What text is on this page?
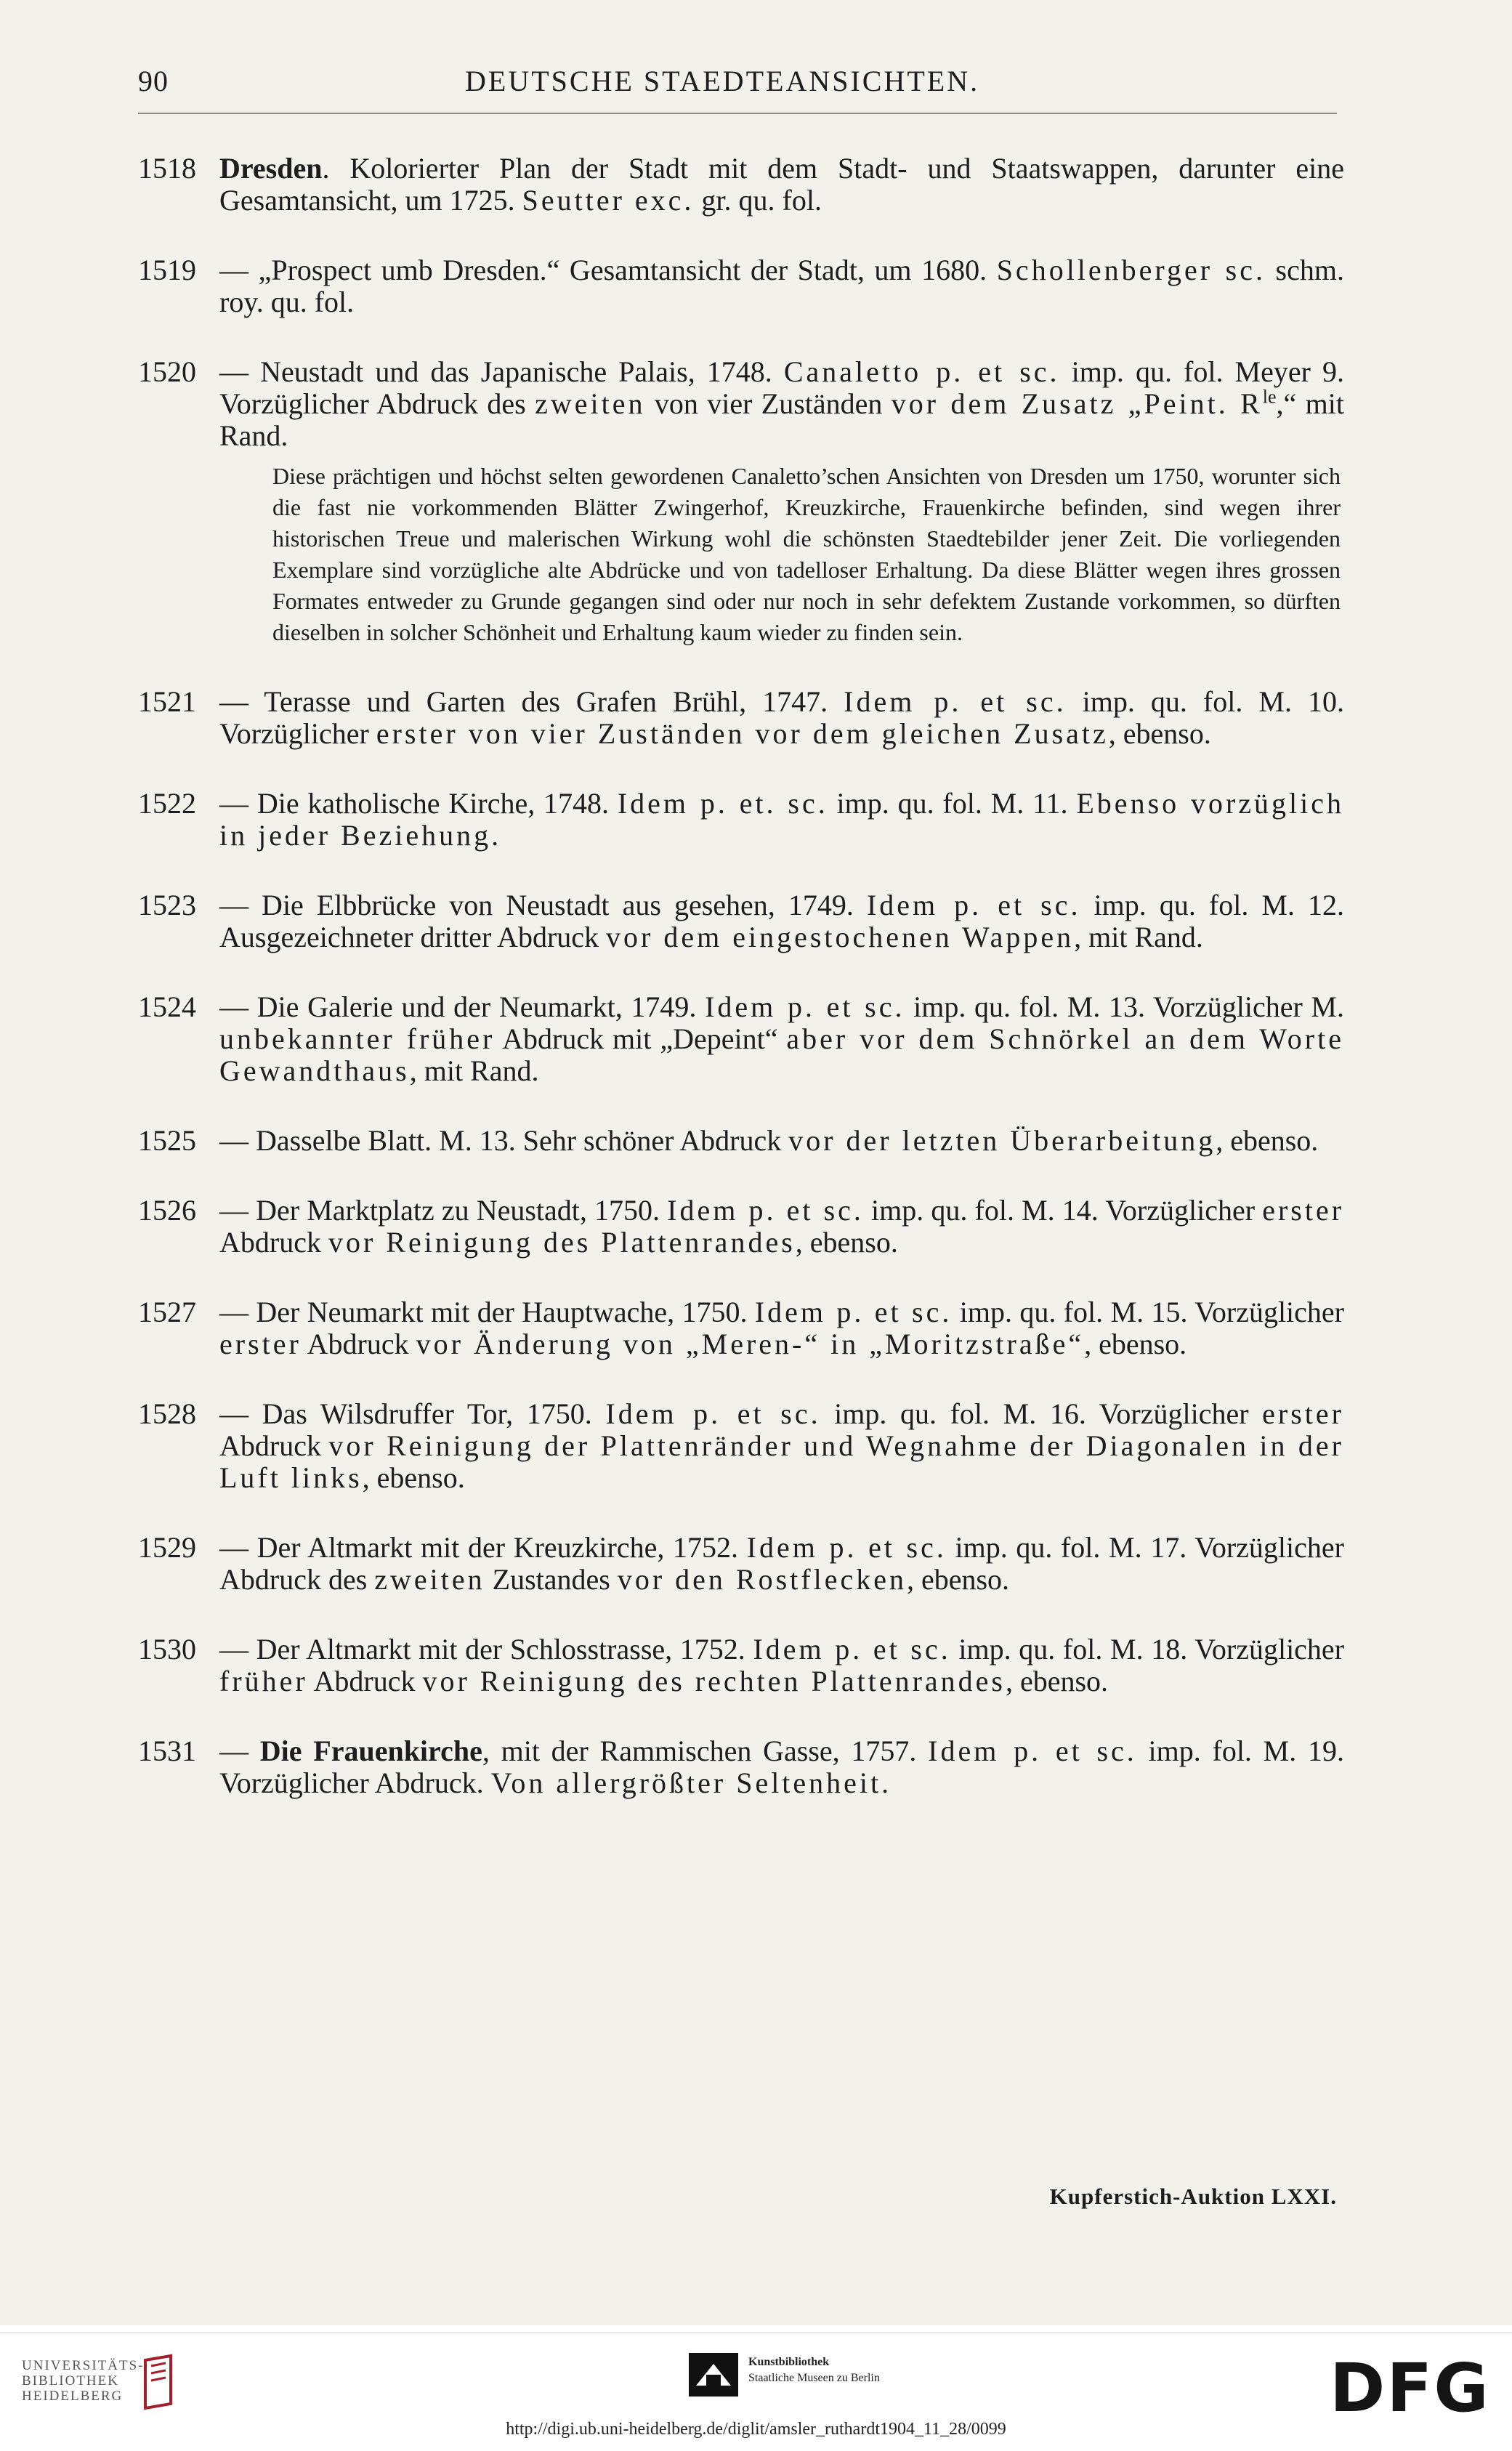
90	DEUTSCHE STAEDTEANSICHTEN.
1518 Dresden. Kolorierter Plan der Stadt mit dem Stadt- und Staatswappen, darunter eine Gesamtansicht, um 1725. Seutter exc. gr. qu. fol.
1519 — „Prospect umb Dresden.“ Gesamtansicht der Stadt, um 1680. Schollenberger sc. schm. roy. qu. fol.
1520 — Neustadt und das Japanische Palais, 1748. Canaletto p. et sc. imp. qu. fol. Meyer 9. Vorzüglicher Abdruck des zweiten von vier Zuständen vor dem Zusatz „Peint. $R^{le},“$ mit Rand.
Diese prächtigen und höchst selten gewordenen Canaletto’schen Ansichten von Dresden um 1750, worunter sich die fast nie vorkommenden Blätter Zwingerhof, Kreuzkirche, Frauenkirche befinden, sind wegen ihrer historischen Treue und malerischen Wirkung wohl die schönsten Staedtebilder jener Zeit. Die vorliegenden Exemplare sind vorzügliche alte Abdrücke und von tadelloser Erhaltung. Da diese Blätter wegen ihres grossen Formates entweder zu Grunde gegangen sind oder nur noch in sehr defektem Zustande vorkommen, so dürften dieselben in solcher Schönheit und Erhaltung kaum wieder zu finden sein.
1521 — Terasse und Garten des Grafen Brühl, 1747. Idem p. et sc. imp. qu. fol. M. 10. Vorzüglicher erster von vier Zuständen vor dem gleichen Zusatz, ebenso.
1522 — Die katholische Kirche, 1748. Idem p. et. sc. imp. qu. fol. M. 11. Ebenso vorzüglich in jeder Beziehung.
1523 — Die Elbbrücke von Neustadt aus gesehen, 1749. Idem p. et sc. imp. qu. fol. M. 12. Ausgezeichneter dritter Abdruck vor dem eingestochenen Wappen, mit Rand.
1524 — Die Galerie und der Neumarkt, 1749. Idem p. et sc. imp. qu. fol. M. 13. Vorzüglicher M. unbekannter früher Abdruck mit „Depeint“ aber vor dem Schnörkel an dem Worte Gewandthaus, mit Rand.
1525 — Dasselbe Blatt. M. 13. Sehr schöner Abdruck vor der letzten Überarbeitung, ebenso.
1526 — Der Marktplatz zu Neustadt, 1750. Idem p. et sc. imp. qu. fol. M. 14. Vorzüglicher erster Abdruck vor Reinigung des Plattenrandes, ebenso.
1527 — Der Neumarkt mit der Hauptwache, 1750. Idem p. et sc. imp. qu. fol. M. 15. Vorzüglicher erster Abdruck vor Änderung von „Meren-“ in „Moritzstraße“, ebenso.
1528 — Das Wilsdruffer Tor, 1750. Idem p. et sc. imp. qu. fol. M. 16. Vorzüglicher erster Abdruck vor Reinigung der Plattenränder und Wegnahme der Diagonalen in der Luft links, ebenso.
1529 — Der Altmarkt mit der Kreuzkirche, 1752. Idem p. et sc. imp. qu. fol. M. 17. Vorzüglicher Abdruck des zweiten Zustandes vor den Rostflecken, ebenso.
1530 — Der Altmarkt mit der Schlosstrasse, 1752. Idem p. et sc. imp. qu. fol. M. 18. Vorzüglicher früher Abdruck vor Reinigung des rechten Plattenrandes, ebenso.
1531 — Die Frauenkirche, mit der Rammischen Gasse, 1757. Idem p. et sc. imp. fol. M. 19. Vorzüglicher Abdruck. Von allergrößter Seltenheit.
Kupferstich-Auktion LXXI.
UNIVERSITÄTS-
BIBLIOTHEK
HEIDELBERG
Kunstbibliothek
Staatliche Museen zu Berlin	DFG
http://digi.ub.uni-heidelberg.de/diglit/amsler_ruthardt1904_11_28/0099
